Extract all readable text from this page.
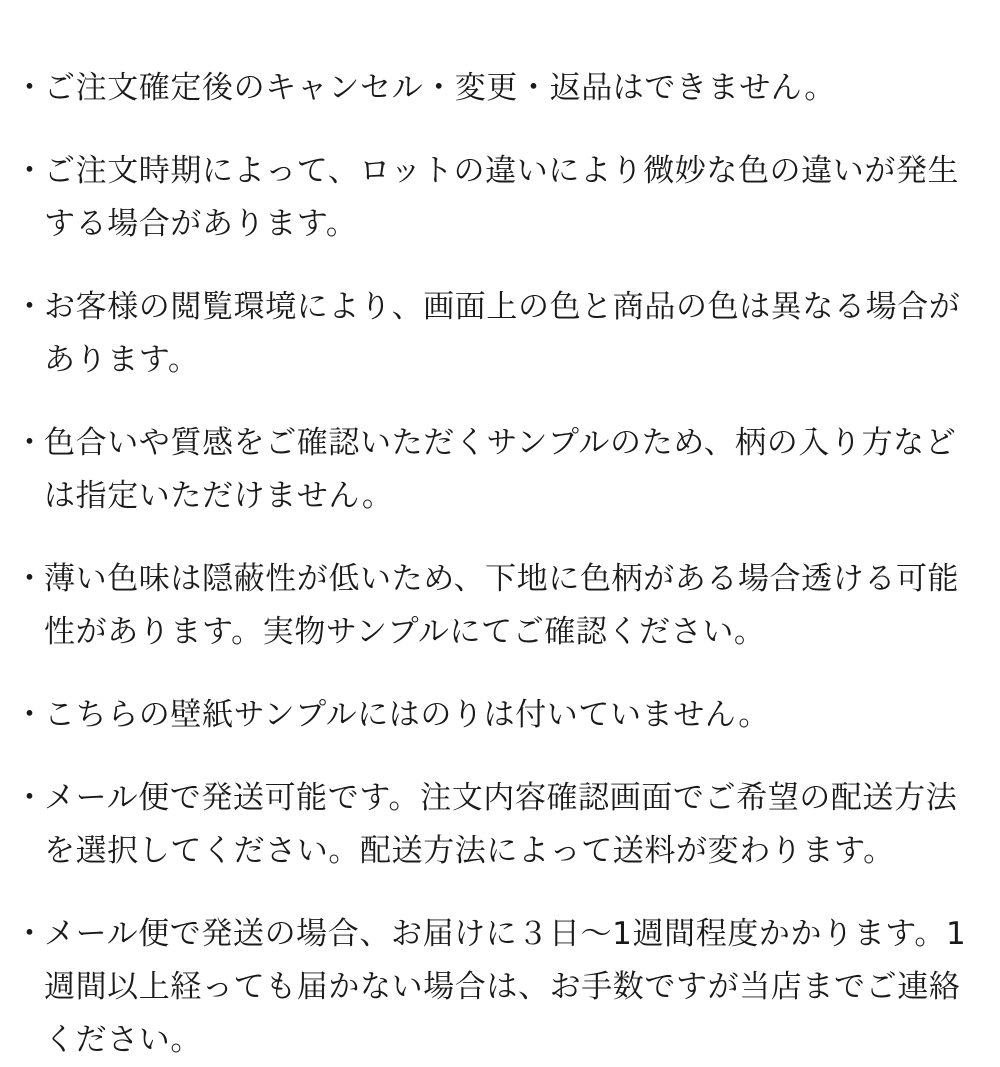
・ ご注文確定後のキャンセル・変更・返品はできません。
・ ご注文時期によって、ロットの違いにより微妙な色の違いが発生する場合があります。
・ お客様の閲覧環境により、画面上の色と商品の色は異なる場合があります。
・ 色合いや質感をご確認いただくサンプルのため、柄の入り方などは指定いただけません。
・ 薄い色味は隠蔽性が低いため、下地に色柄がある場合透ける可能性があります。実物サンプルにてご確認ください。
・ こちらの壁紙サンプルにはのりは付いていません。
・ メール便で発送可能です。注文内容確認画面でご希望の配送方法を選択してください。配送方法によって送料が変わります。
・ メール便で発送の場合、お届けに３日〜1週間程度かかります。1週間以上経っても届かない場合は、お手数ですが当店までご連絡ください。
